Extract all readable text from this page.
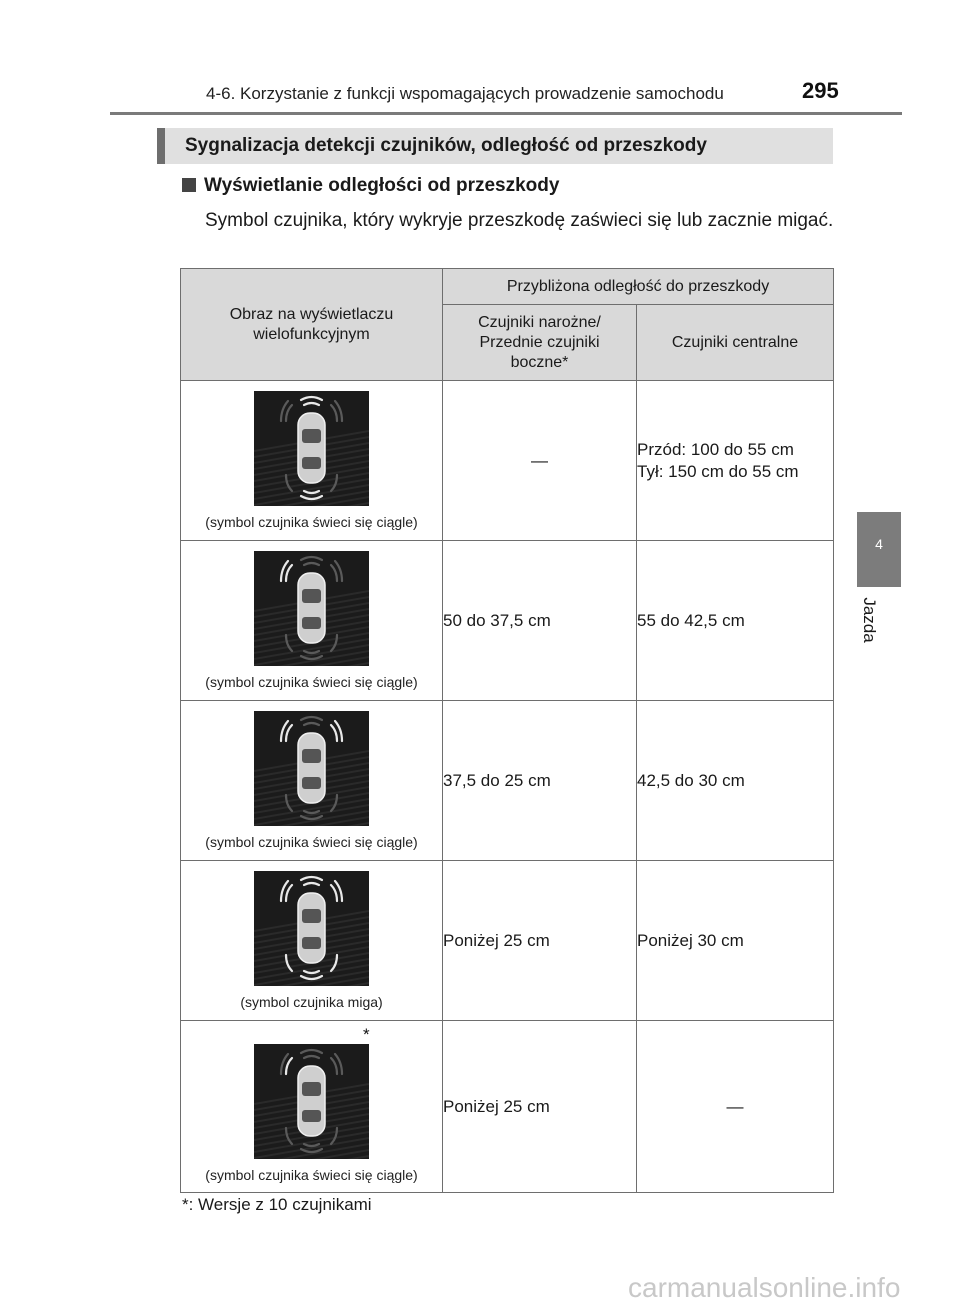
4-6. Korzystanie z funkcji wspomagających prowadzenie samochodu	295
Sygnalizacja detekcji czujników, odległość od przeszkody
Wyświetlanie odległości od przeszkody
Symbol czujnika, który wykryje przeszkodę zaświeci się lub zacznie migać.
4
Jazda
Obraz na wyświetlaczu wielofunkcyjnym	Przybliżona odległość do przeszkody	
	Czujniki narożne/ Przednie czujniki boczne*	Czujniki centralne

(symbol czujnika świeci się ciągle)	—	Przód: 100 do 55 cm
Tył: 150 cm do 55 cm

(symbol czujnika świeci się ciągle)	50 do 37,5 cm	55 do 42,5 cm

(symbol czujnika świeci się ciągle)	37,5 do 25 cm	42,5 do 30 cm

(symbol czujnika miga)	Poniżej 25 cm	Poniżej 30 cm

*
(symbol czujnika świeci się ciągle)	Poniżej 25 cm	—
*: Wersje z 10 czujnikami
carmanualsonline.info
